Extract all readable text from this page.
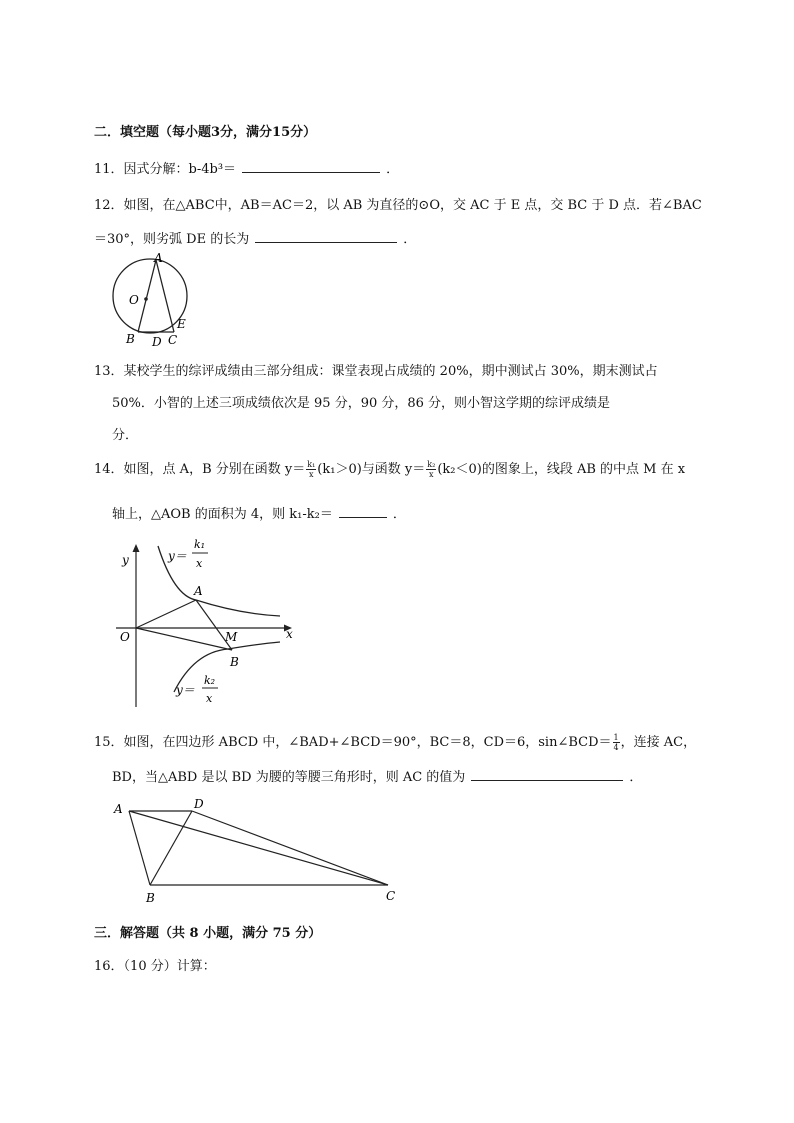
二．填空题（每小题3分，满分15分）
11．因式分解：b-4b³＝	．
12．如图，在△ABC中，AB＝AC＝2，以 AB 为直径的⊙O，交 AC 于 E 点，交 BC 于 D 点．若∠BAC
＝30°，则劣弧 DE 的长为	．
A
O
B D C
E
13．某校学生的综评成绩由三部分组成：课堂表现占成绩的 20%，期中测试占 30%，期末测试占
50%．小智的上述三项成绩依次是 95 分，90 分，86 分，则小智这学期的综评成绩是
分．
14．如图，点 A，B 分别在函数 $y= \frac{\text{k₁}}{x} (k_1>0)$与函数 $y= \frac{\text{k₂}}{x} (k_2<0)$的图象上，线段 AB 的中点 M 在 x
轴上，△AOB 的面积为 4，则 k₁-k₂＝	．
y
x
O
A
M
B
y＝
k₁
x
y＝
k₂
x
15．如图，在四边形 ABCD 中，∠BAD+∠BCD＝90°，BC＝8，CD＝6，sin∠BCD＝ $\frac{1}{4}$ ，连接 AC，
BD，当△ABD 是以 BD 为腰的等腰三角形时，则 AC 的值为	．
A	D
B	C
三．解答题（共 8 小题，满分 75 分）
16．（10 分）计算：
